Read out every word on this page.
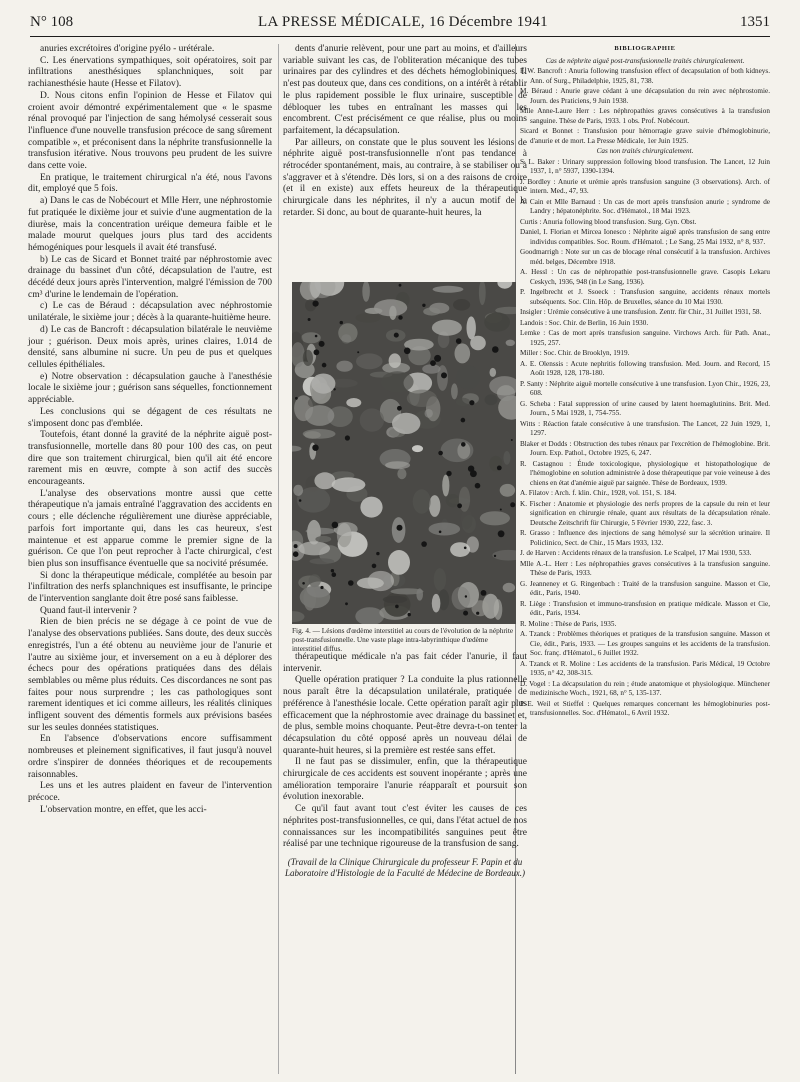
N° 108	LA PRESSE MÉDICALE, 16 Décembre 1941	1351

anuries excrétoires d'origine pyélo - urétérale.

C. Les énervations sympathiques, soit opératoires, soit par infiltrations anesthésiques splanchniques, soit par rachianesthésie haute (Hesse et Filatov).

D. Nous citons enfin l'opinion de Hesse et Filatov qui croient avoir démontré expérimentalement que « le spasme rénal provoqué par l'injection de sang hémolysé cesserait sous l'influence d'une nouvelle transfusion précoce de sang sûrement compatible », et préconisent dans la néphrite transfusionnelle la transfusion itérative. Nous trouvons peu prudent de les suivre dans cette voie.

En pratique, le traitement chirurgical n'a été, nous l'avons dit, employé que 5 fois.

a) Dans le cas de Nobécourt et Mlle Herr, une néphrostomie fut pratiquée le dixième jour et suivie d'une augmentation de la diurèse, mais la concentration uréique demeura faible et le malade mourut quelques jours plus tard des accidents hémogéniques pour lesquels il avait été transfusé.

b) Le cas de Sicard et Bonnet traité par néphrostomie avec drainage du bassinet d'un côté, décapsulation de l'autre, est décédé deux jours après l'intervention, malgré l'émission de 700 cm³ d'urine le lendemain de l'opération.

c) Le cas de Béraud : décapsulation avec néphrostomie unilatérale, le sixième jour ; décès à la quarante-huitième heure.

d) Le cas de Bancroft : décapsulation bilatérale le neuvième jour ; guérison. Deux mois après, urines claires, 1.014 de densité, sans albumine ni sucre. Un peu de pus et quelques cellules épithéliales.

e) Notre observation : décapsulation gauche à l'anesthésie locale le sixième jour ; guérison sans séquelles, fonctionnement appréciable.

Les conclusions qui se dégagent de ces résultats ne s'imposent donc pas d'emblée.

Toutefois, étant donné la gravité de la néphrite aiguë post-transfusionnelle, mortelle dans 80 pour 100 des cas, on peut dire que son traitement chirurgical, bien qu'il ait été encore rarement mis en œuvre, compte à son actif des succès encourageants.

L'analyse des observations montre aussi que cette thérapeutique n'a jamais entraîné l'aggravation des accidents en cours ; elle déclenche régulièrement une diurèse appréciable, parfois fort importante qui, dans les cas heureux, s'est maintenue et est apparue comme le premier signe de la guérison. Ce que l'on peut reprocher à l'acte chirurgical, c'est bien plus son insuffisance éventuelle que sa nocivité présumée.

Si donc la thérapeutique médicale, complétée au besoin par l'infiltration des nerfs splanchniques est insuffisante, le principe de l'intervention sanglante doit être posé sans faiblesse.

Quand faut-il intervenir ?

Rien de bien précis ne se dégage à ce point de vue de l'analyse des observations publiées. Sans doute, des deux succès enregistrés, l'un a été obtenu au neuvième jour de l'anurie et l'autre au sixième jour, et inversement on a eu à déplorer des échecs pour des opérations pratiquées dans des délais semblables ou même plus réduits. Ces discordances ne sont pas faites pour nous surprendre ; les cas pathologiques sont rarement identiques et ici comme ailleurs, les réalités cliniques infligent souvent des démentis formels aux prévisions basées sur les seules données statistiques.

En l'absence d'observations encore suffisamment nombreuses et pleinement significatives, il faut jusqu'à nouvel ordre s'inspirer de données théoriques et de recoupements raisonnables.

Les uns et les autres plaident en faveur de l'intervention précoce.

L'observation montre, en effet, que les acci-

dents d'anurie relèvent, pour une part au moins, et d'ailleurs variable suivant les cas, de l'obliteration mécanique des tubes urinaires par des cylindres et des déchets hémoglobiniques. Il n'est pas douteux que, dans ces conditions, on a intérêt à rétablir le plus rapidement possible le flux urinaire, susceptible de débloquer les tubes en entraînant les masses qui les encombrent. C'est précisément ce que réalise, plus ou moins parfaitement, la décapsulation.

Par ailleurs, on constate que le plus souvent les lésions de néphrite aiguë post-transfusionnelle n'ont pas tendance à rétrocéder spontanément, mais, au contraire, à se stabiliser ou à s'aggraver et à s'étendre. Dès lors, si on a des raisons de croire (et il en existe) aux effets heureux de la thérapeutique chirurgicale dans les néphrites, il n'y a aucun motif de la retarder. Si donc, au bout de quarante-huit heures, la

Fig. 4. — Lésions d'œdème interstitiel au cours de l'évolution de la néphrite post-transfusionnelle. Une vaste plage intra-labyrinthique d'œdème interstitiel diffus.

thérapeutique médicale n'a pas fait céder l'anurie, il faut intervenir.

Quelle opération pratiquer ? La conduite la plus rationnelle nous paraît être la décapsulation unilatérale, pratiquée de préférence à l'anesthésie locale. Cette opération paraît agir plus efficacement que la néphrostomie avec drainage du bassinet et, de plus, semble moins choquante. Peut-être devra-t-on tenter la décapsulation du côté opposé après un nouveau délai de quarante-huit heures, si la première est restée sans effet.

Il ne faut pas se dissimuler, enfin, que la thérapeutique chirurgicale de ces accidents est souvent inopérante ; après une amélioration temporaire l'anurie réapparaît et poursuit son évolution inexorable.

Ce qu'il faut avant tout c'est éviter les causes de ces néphrites post-transfusionnelles, ce qui, dans l'état actuel de nos connaissances sur les incompatibilités sanguines peut être réalisé par une technique rigoureuse de la transfusion de sang.

(Travail de la Clinique Chirurgicale du professeur F. Papin et du Laboratoire d'Histologie de la Faculté de Médecine de Bordeaux.)

BIBLIOGRAPHIE

Cas de néphrite aiguë post-transfusionnelle traités chirurgicalement.

F. W. Bancroft : Anuria following transfusion effect of decapsulation of both kidneys. Ann. of Surg., Philadelphie, 1925, 81, 738.

M. Béraud : Anurie grave cédant à une décapsulation du rein avec néphrostomie. Journ. des Praticiens, 9 Juin 1938.

Mlle Anne-Laure Herr : Les néphropathies graves consécutives à la transfusion sanguine. Thèse de Paris, 1933. 1 obs. Prof. Nobécourt.

Sicard et Bonnet : Transfusion pour hémorragie grave suivie d'hémoglobinurie, d'anurie et de mort. La Presse Médicale, 1er Juin 1925.

Cas non traités chirurgicalement.

S. L. Baker : Urinary suppression following blood transfusion. The Lancet, 12 Juin 1937, 1, n° 5937, 1390-1394.

J. Bordley : Anurie et urémie après transfusion sanguine (3 observations). Arch. of intern. Med., 47, 93.

A. Cain et Mlle Barnaud : Un cas de mort après transfusion anurie ; syndrome de Landry ; hépatonéphrite. Soc. d'Hématol., 18 Mai 1923.

Curtis : Anuria following blood transfusion. Surg. Gyn. Obst.

Daniel, I. Florian et Mircea Ionesco : Néphrite aiguë après transfusion de sang entre individus compatibles. Soc. Roum. d'Hématol. ; Le Sang, 25 Mai 1932, n° 8, 937.

Goodmarrigh : Note sur un cas de blocage rénal consécutif à la transfusion. Archives méd. belges, Décembre 1918.

A. Hessl : Un cas de néphropathie post-transfusionnelle grave. Casopis Lekaru Ceskych, 1936, 948 (in Le Sang, 1936).

P. Ingelbrecht et J. Ssoeck : Transfusion sanguine, accidents rénaux mortels subséquents. Soc. Clin. Hôp. de Bruxelles, séance du 10 Mai 1930.

Insigler : Urémie consécutive à une transfusion. Zentr. für Chir., 31 Juillet 1931, 58.

Landois : Soc. Chir. de Berlin, 16 Juin 1930.

Lemke : Cas de mort après transfusion sanguine. Virchows Arch. für Path. Anat., 1925, 257.

Miller : Soc. Chir. de Brooklyn, 1919.

A. E. Olenssis : Acute nephritis following transfusion. Med. Journ. and Record, 15 Août 1928, 128, 178-180.

P. Santy : Néphrite aiguë mortelle consécutive à une transfusion. Lyon Chir., 1926, 23, 608.

G. Scheba : Fatal suppression of urine caused by latent hoemaglutinins. Brit. Med. Journ., 5 Mai 1928, 1, 754-755.

Witts : Réaction fatale consécutive à une transfusion. The Lancet, 22 Juin 1929, 1, 1297.

Blaker et Dodds : Obstruction des tubes rénaux par l'excrétion de l'hémoglobine. Brit. Journ. Exp. Pathol., Octobre 1925, 6, 247.

R. Castagnou : Étude toxicologique, physiologique et histopathologique de l'hémoglobine en solution administrée à dose thérapeutique par voie veineuse à des chiens en état d'anémie aiguë par saignée. Thèse de Bordeaux, 1939.

A. Filatov : Arch. f. klin. Chir., 1928, vol. 151, S. 184.

K. Fischer : Anatomie et physiologie des nerfs propres de la capsule du rein et leur signification en chirurgie rénale, quant aux résultats de la décapsulation rénale. Deutsche Zeitschrift für Chirurgie, 5 Février 1930, 222, fasc. 3.

R. Grasso : Influence des injections de sang hémolysé sur la sécrétion urinaire. Il Policlinico, Sect. de Chir., 15 Mars 1933, 132.

J. de Harven : Accidents rénaux de la transfusion. Le Scalpel, 17 Mai 1930, 533.

Mlle A.-L. Herr : Les néphropathies graves consécutives à la transfusion sanguine. Thèse de Paris, 1933.

G. Jeanneney et G. Ringenbach : Traité de la transfusion sanguine. Masson et Cie, édit., Paris, 1940.

R. Liège : Transfusion et immuno-transfusion en pratique médicale. Masson et Cie, édit., Paris, 1934.

R. Moline : Thèse de Paris, 1935.

A. Tzanck : Problèmes théoriques et pratiques de la transfusion sanguine. Masson et Cie, édit., Paris, 1933. — Les groupes sanguins et les accidents de la transfusion. Soc. franç. d'Hématol., 6 Juillet 1932.

A. Tzanck et R. Moline : Les accidents de la transfusion. Paris Médical, 19 Octobre 1935, n° 42, 308-315.

D. Vogel : La décapsulation du rein ; étude anatomique et physiologique. Münchener medizinische Woch., 1921, 68, n° 5, 135-137.

P.-E. Weil et Stieffel : Quelques remarques concernant les hémoglobinuries post-transfusionnelles. Soc. d'Hématol., 6 Avril 1932.
